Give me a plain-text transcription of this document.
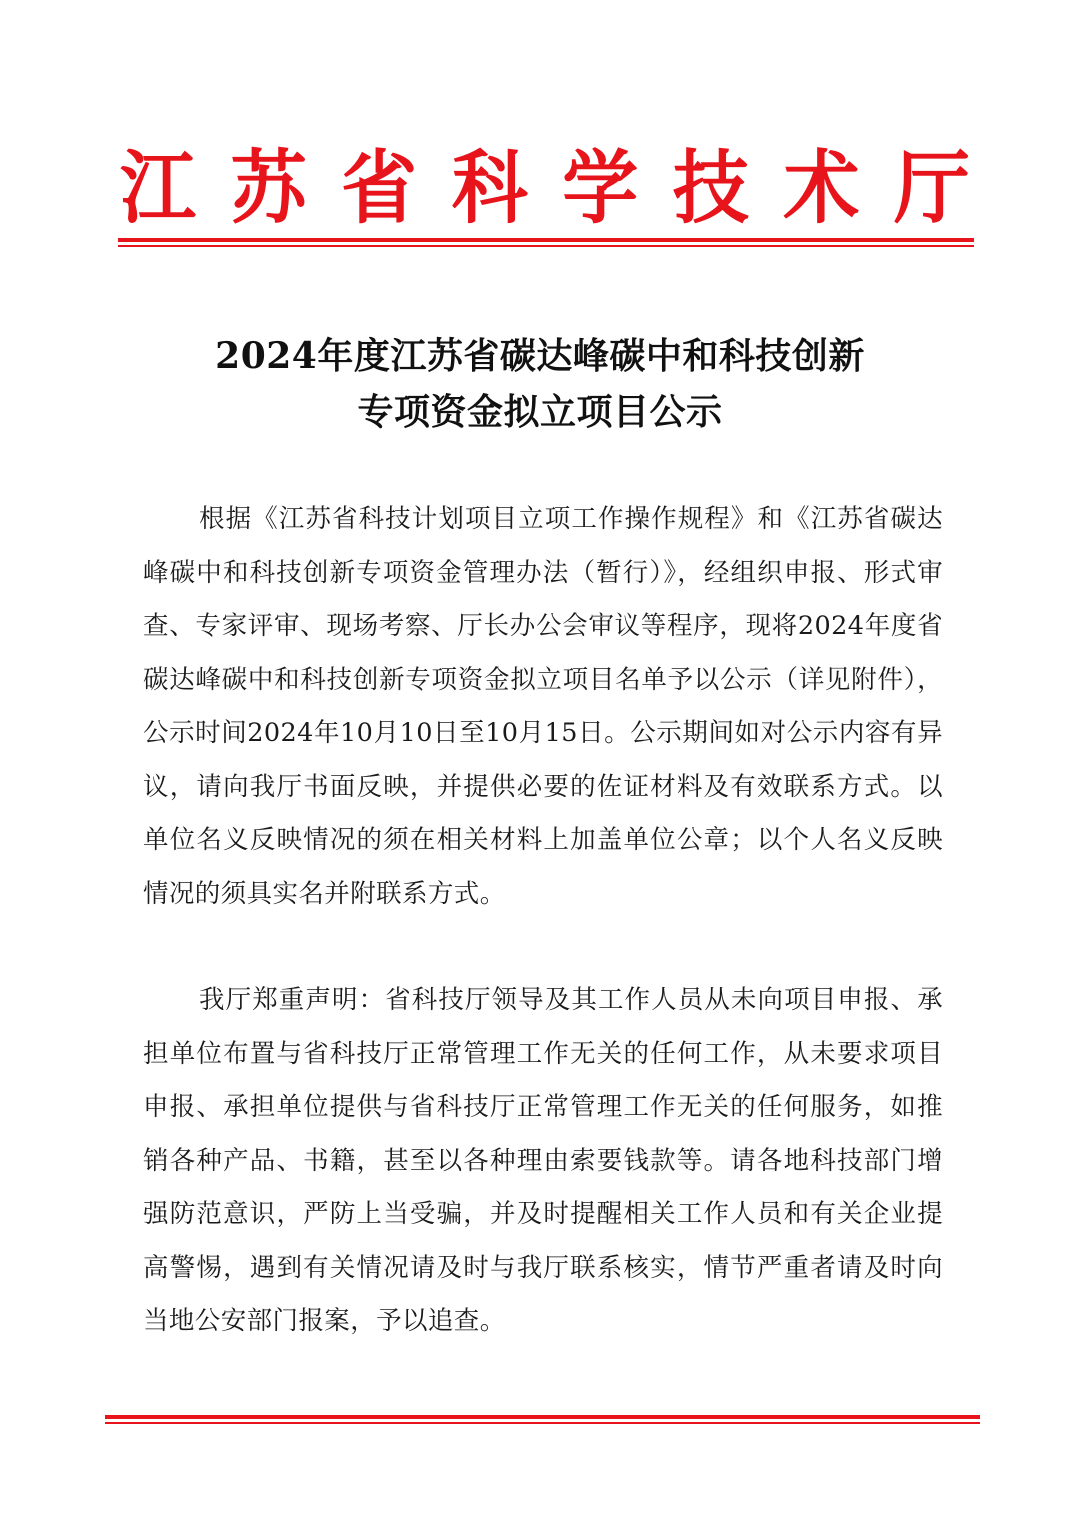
江 苏 省 科 学 技 术 厅
2024年度江苏省碳达峰碳中和科技创新
专项资金拟立项目公示

根据《江苏省科技计划项目立项工作操作规程》和《江苏省碳达峰碳中和科技创新专项资金管理办法（暂行）》，经组织申报、形式审查、专家评审、现场考察、厅长办公会审议等程序，现将2024年度省碳达峰碳中和科技创新专项资金拟立项目名单予以公示（详见附件），公示时间2024年10月10日至10月15日。公示期间如对公示内容有异议，请向我厅书面反映，并提供必要的佐证材料及有效联系方式。以单位名义反映情况的须在相关材料上加盖单位公章；以个人名义反映情况的须具实名并附联系方式。

我厅郑重声明：省科技厅领导及其工作人员从未向项目申报、承担单位布置与省科技厅正常管理工作无关的任何工作，从未要求项目申报、承担单位提供与省科技厅正常管理工作无关的任何服务，如推销各种产品、书籍，甚至以各种理由索要钱款等。请各地科技部门增强防范意识，严防上当受骗，并及时提醒相关工作人员和有关企业提高警惕，遇到有关情况请及时与我厅联系核实，情节严重者请及时向当地公安部门报案，予以追查。
